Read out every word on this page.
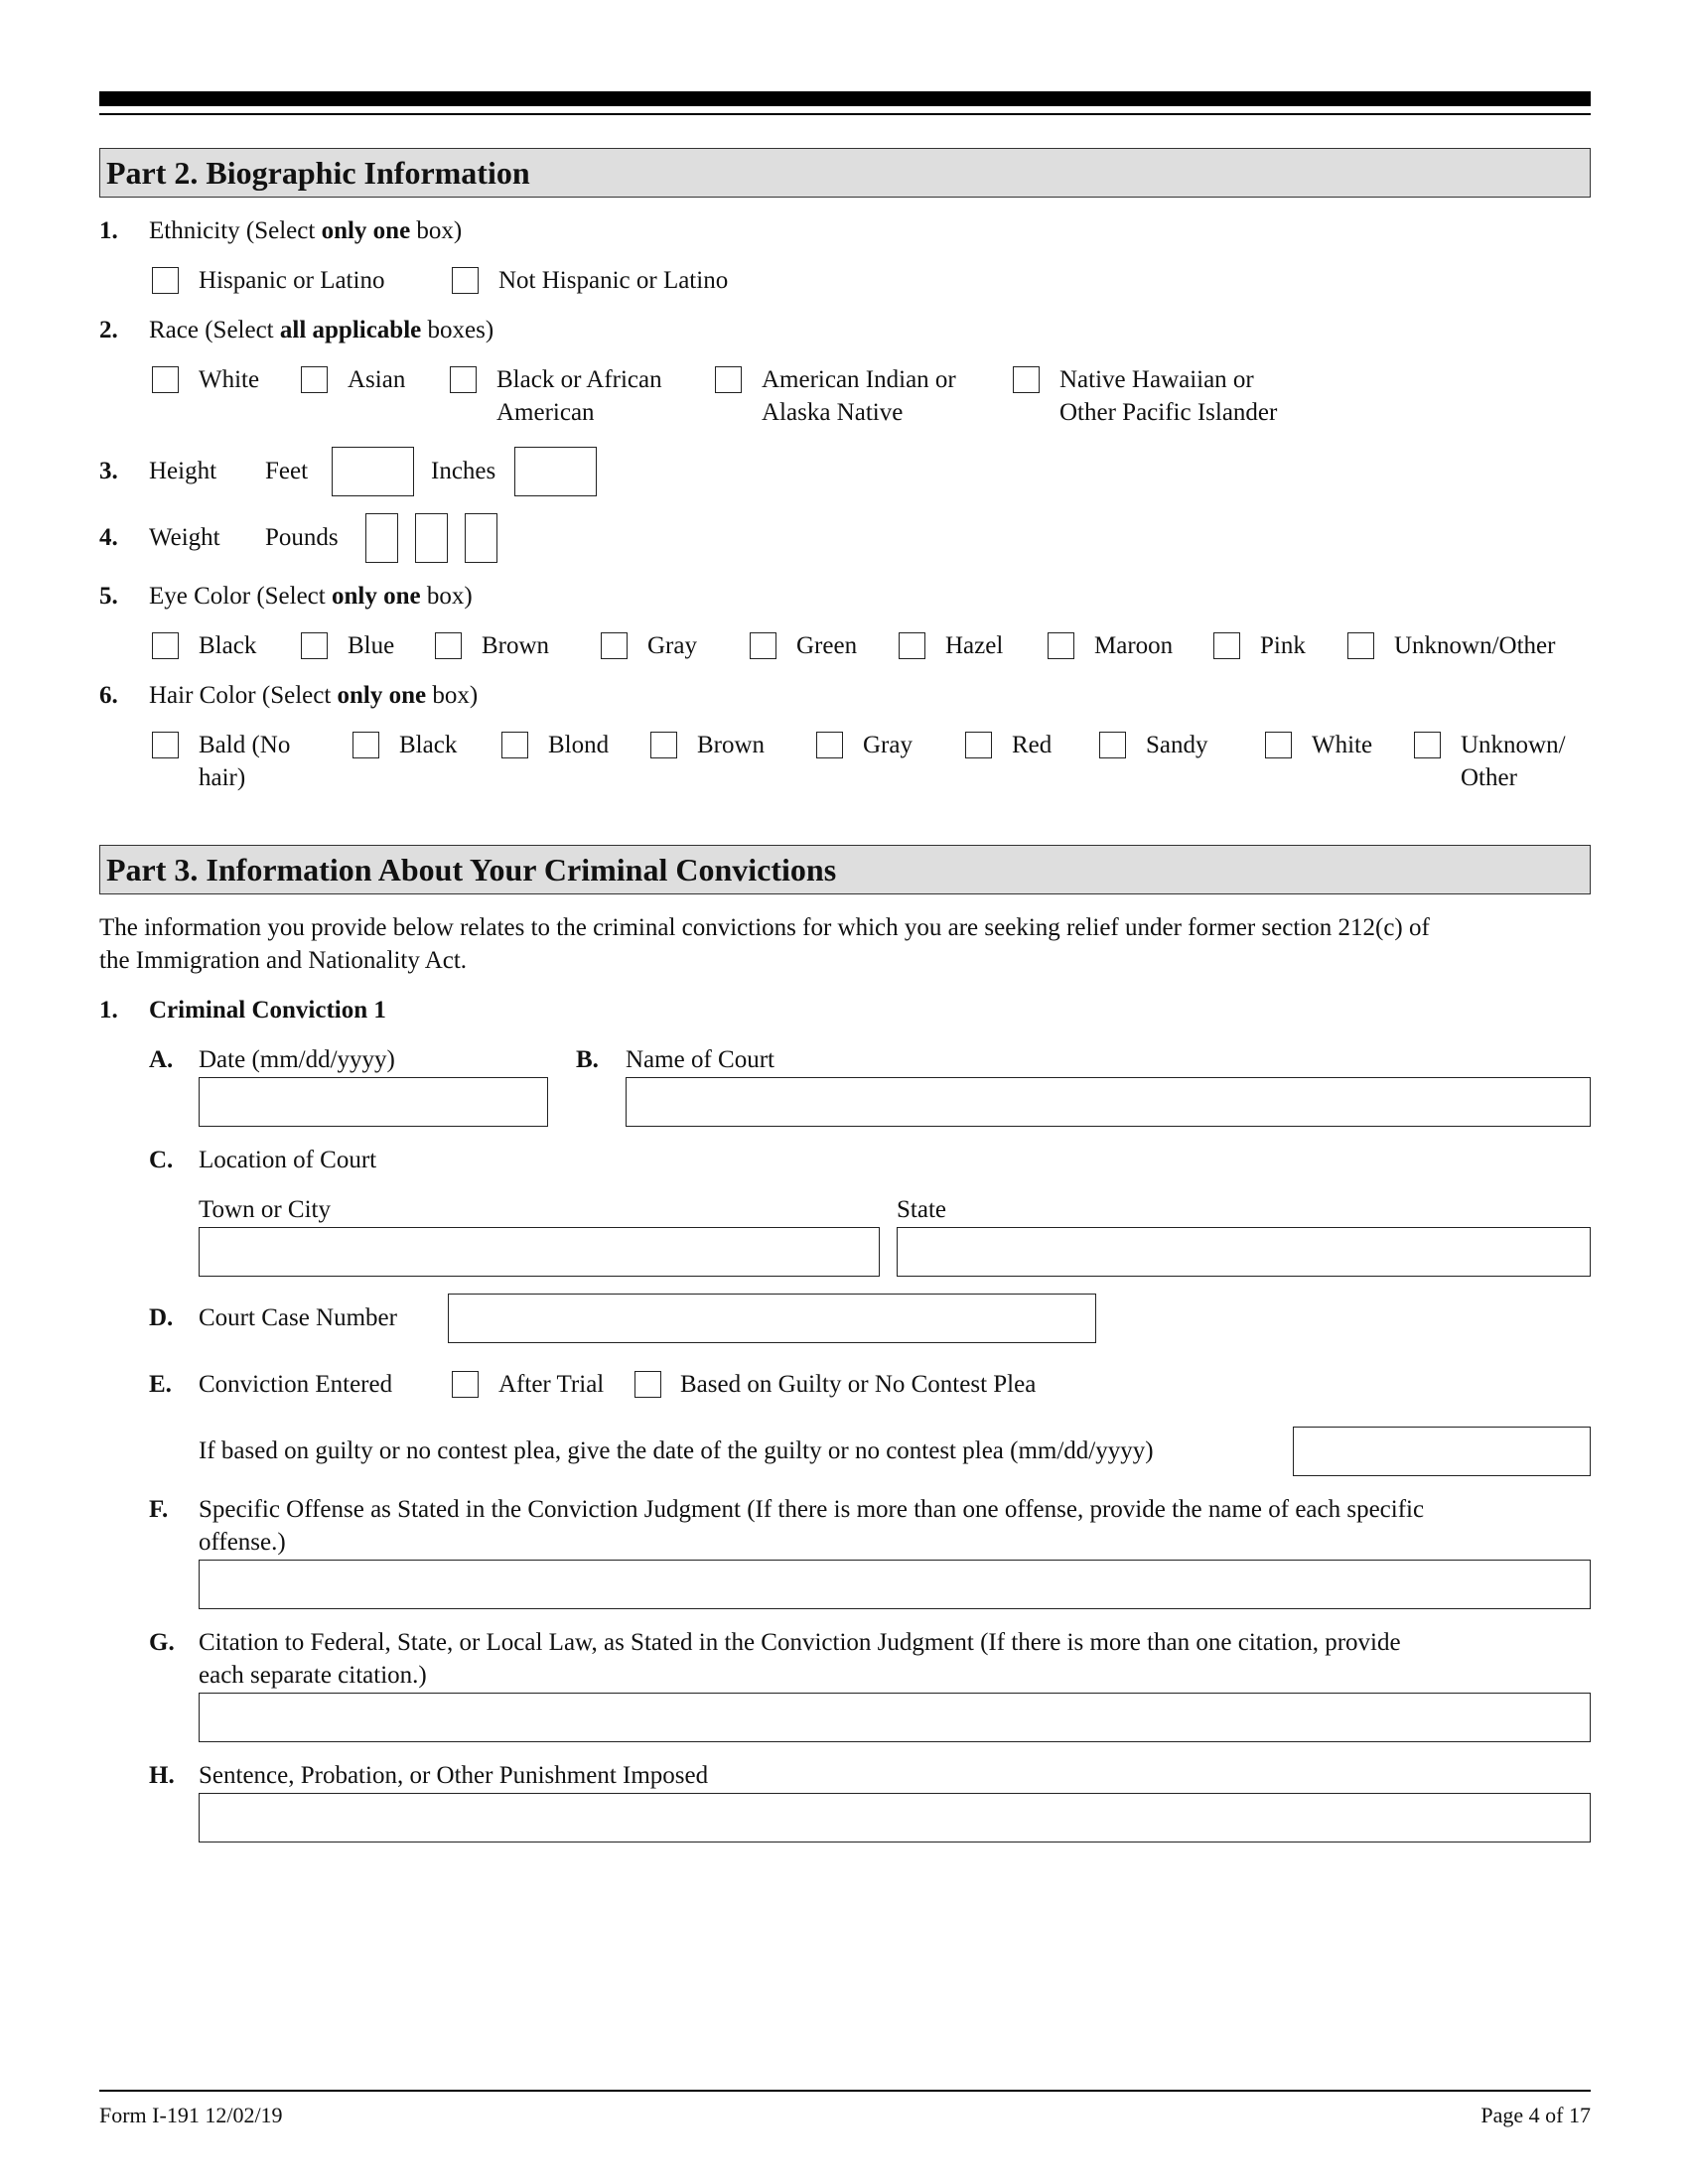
Part 2. Biographic Information
1. Ethnicity (Select only one box)
Hispanic or Latino	Not Hispanic or Latino
2. Race (Select all applicable boxes)
White	Asian	Black or African
American
American Indian or
Alaska Native
Native Hawaiian or
Other Pacific Islander
3. Height Feet	Inches
4. Weight Pounds
5. Eye Color (Select only one box)
Black	Blue	Brown	Gray	Green	Hazel	Maroon	Pink	Unknown/Other
6. Hair Color (Select only one box)
Bald (No
hair)
Black	Blond	Brown	Gray	Red	Sandy	White	Unknown/
Other
Part 3. Information About Your Criminal Convictions
The information you provide below relates to the criminal convictions for which you are seeking relief under former section 212(c) of
the Immigration and Nationality Act.
1. Criminal Conviction 1
A. Date (mm/dd/yyyy)	B. Name of Court
C. Location of Court
Town or City	State
D. Court Case Number
E. Conviction Entered	After Trial	Based on Guilty or No Contest Plea
If based on guilty or no contest plea, give the date of the guilty or no contest plea (mm/dd/yyyy)
F. Specific Offense as Stated in the Conviction Judgment (If there is more than one offense, provide the name of each specific
offense.)
G. Citation to Federal, State, or Local Law, as Stated in the Conviction Judgment (If there is more than one citation, provide
each separate citation.)
H. Sentence, Probation, or Other Punishment Imposed
Form I-191 12/02/19	Page 4 of 17
